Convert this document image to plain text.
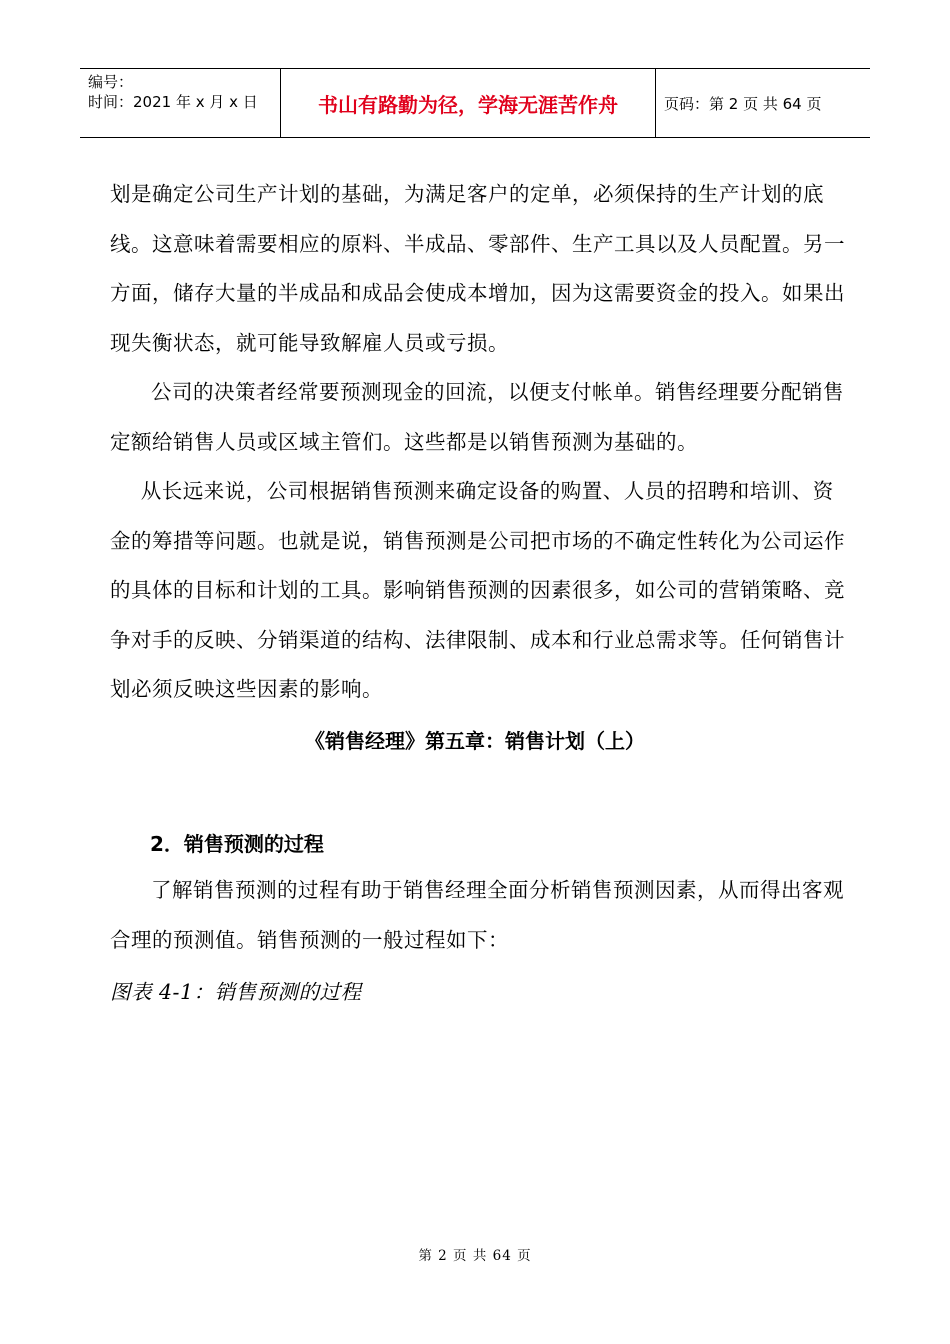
编号：
时间：2021 年 x 月 x 日	书山有路勤为径，学海无涯苦作舟	页码：第 2 页 共 64 页

划是确定公司生产计划的基础，为满足客户的定单，必须保持的生产计划的底线。这意味着需要相应的原料、半成品、零部件、生产工具以及人员配置。另一方面，储存大量的半成品和成品会使成本增加，因为这需要资金的投入。如果出现失衡状态，就可能导致解雇人员或亏损。

公司的决策者经常要预测现金的回流，以便支付帐单。销售经理要分配销售定额给销售人员或区域主管们。这些都是以销售预测为基础的。

从长远来说，公司根据销售预测来确定设备的购置、人员的招聘和培训、资金的筹措等问题。也就是说，销售预测是公司把市场的不确定性转化为公司运作的具体的目标和计划的工具。影响销售预测的因素很多，如公司的营销策略、竞争对手的反映、分销渠道的结构、法律限制、成本和行业总需求等。任何销售计划必须反映这些因素的影响。

《销售经理》第五章：销售计划（上）
2．销售预测的过程

了解销售预测的过程有助于销售经理全面分析销售预测因素，从而得出客观合理的预测值。销售预测的一般过程如下：

图表 4-1：销售预测的过程
第 2 页 共 64 页
